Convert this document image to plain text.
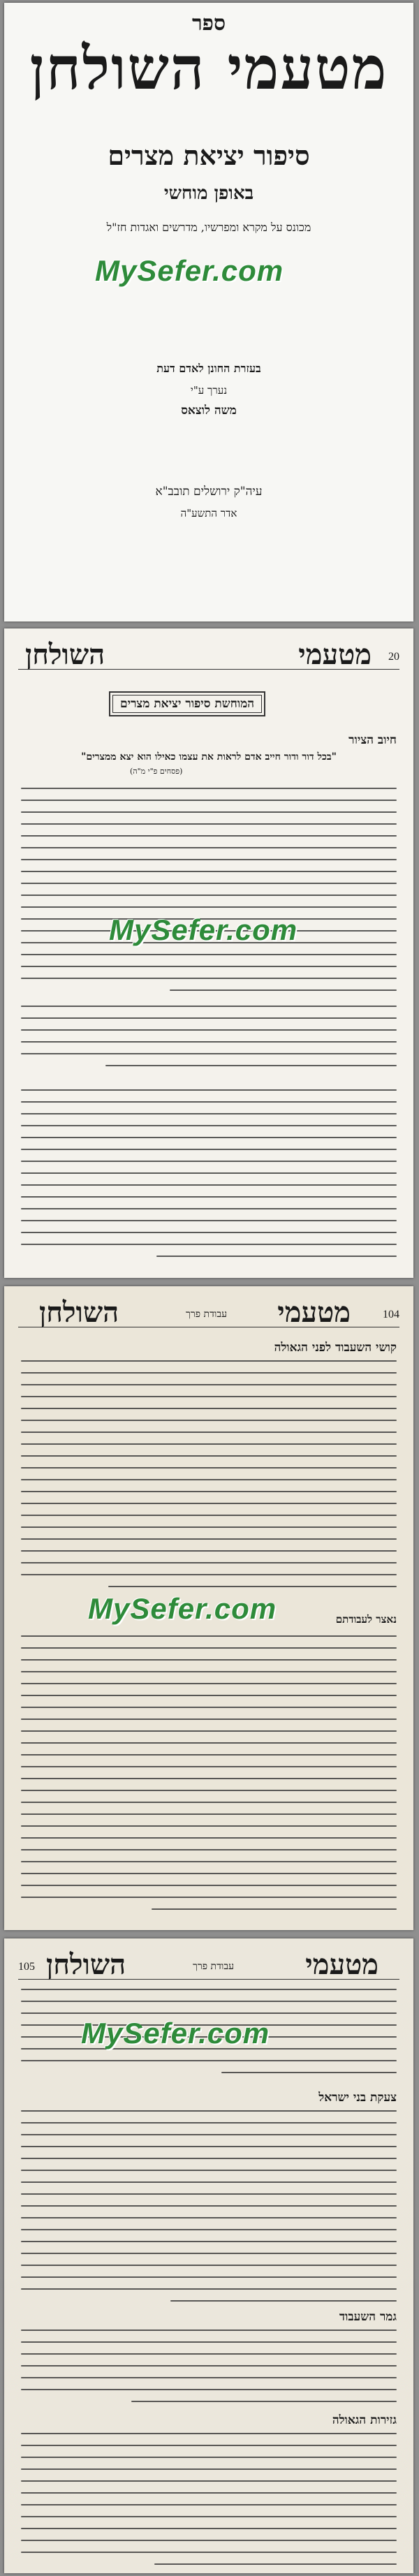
ספר
מטעמי השולחן
סיפור יציאת מצרים
באופן מוחשי
מכונס על מקרא ומפרשיו, מדרשים ואגדות חז"ל
MySefer.com
בעזרת החונן לאדם דעת
נערך ע"י
משה לוצאס
עיה"ק ירושלים תובב"א
אדר התשע"ה
השולחן	מטעמי 20
המוחשת סיפור יציאת מצרים
חיוב הציור
"בכל דור ודור חייב אדם לראות את עצמו כאילו הוא יצא ממצרים"
(פסחים פ"י מ"ה)
MySefer.com
השולחן	עבודת פרך מטעמי	104
קושי השעבוד לפני הגאולה
נאצר לעבודתם
MySefer.com
105 השולחן	עבודת פרך	מטעמי
צעקת בני ישראל
גמר השעבוד
גזירות הגאולה
MySefer.com
